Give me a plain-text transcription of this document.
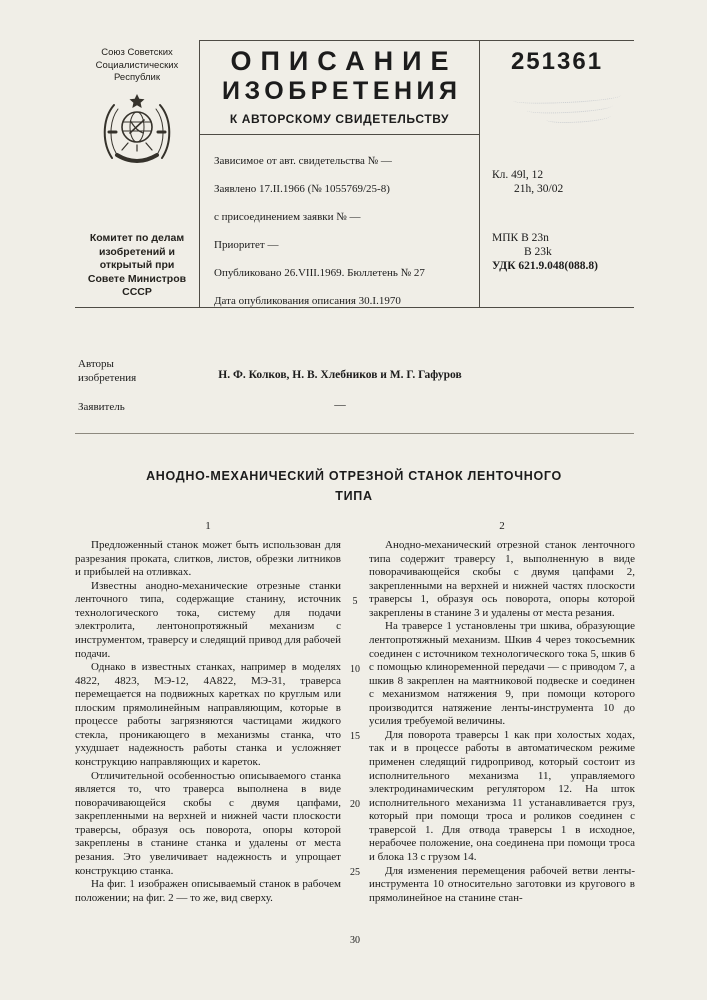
Союз Советских Социалистических Республик
Комитет по делам изобретений и открытый при Совете Министров СССР
ОПИСАНИЕ
ИЗОБРЕТЕНИЯ
К АВТОРСКОМУ СВИДЕТЕЛЬСТВУ
Зависимое от авт. свидетельства № —
Заявлено 17.II.1966 (№ 1055769/25-8)
с присоединением заявки № —
Приоритет —
Опубликовано 26.VIII.1969. Бюллетень № 27
Дата опубликования описания 30.I.1970
251361
Кл. 49l, 12
21h, 30/02
МПК В 23n
В 23k
УДК 621.9.048(088.8)
Авторы изобретения	Н. Ф. Колков, Н. В. Хлебников и М. Г. Гафуров
Заявитель	—
АНОДНО-МЕХАНИЧЕСКИЙ ОТРЕЗНОЙ СТАНОК ЛЕНТОЧНОГО
ТИПА
1

Предложенный станок может быть использован для разрезания проката, слитков, листов, обрезки литников и прибылей на отливках.

Известны анодно-механические отрезные станки ленточного типа, содержащие станину, источник технологического тока, систему для подачи электролита, лентонопротяжный механизм с инструментом, траверсу и следящий привод для рабочей подачи.

Однако в известных станках, например в моделях 4822, 4823, МЭ-12, 4А822, МЭ-31, траверса перемещается на подвижных каретках по круглым или плоским прямолинейным направляющим, которые в процессе работы загрязняются частицами жидкого стекла, проникающего в механизмы станка, что ухудшает надежность работы станка и усложняет конструкцию направляющих и кареток.

Отличительной особенностью описываемого станка является то, что траверса выполнена в виде поворачивающейся скобы с двумя цапфами, закрепленными на верхней и нижней части плоскости траверсы, образуя ось поворота, опоры которой закреплены в станине станка и удалены от места резания. Это увеличивает надежность и упрощает конструкцию станка.

На фиг. 1 изображен описываемый станок в рабочем положении; на фиг. 2 — то же, вид сверху.

5
10
15
20
25
30
2

Анодно-механический отрезной станок ленточного типа содержит траверсу 1, выполненную в виде поворачивающейся скобы с двумя цапфами 2, закрепленными на верхней и нижней частях плоскости траверсы 1, образуя ось поворота, опоры которой закреплены в станине 3 и удалены от места резания.

На траверсе 1 установлены три шкива, образующие лентопротяжный механизм. Шкив 4 через токосъемник соединен с источником технологического тока 5, шкив 6 с помощью клиноременной передачи — с приводом 7, а шкив 8 закреплен на маятниковой подвеске и соединен с механизмом натяжения 9, при помощи которого производится натяжение ленты-инструмента 10 до усилия требуемой величины.

Для поворота траверсы 1 как при холостых ходах, так и в процессе работы в автоматическом режиме применен следящий гидропривод, который состоит из исполнительного механизма 11, управляемого электродинамическим регулятором 12. На шток исполнительного механизма 11 устанавливается груз, который при помощи троса и роликов соединен с траверсой 1. Для отвода траверсы 1 в исходное, нерабочее положение, она соединена при помощи троса и блока 13 с грузом 14.

Для изменения перемещения рабочей ветви ленты-инструмента 10 относительно заготовки из кругового в прямолинейное на станине стан-
